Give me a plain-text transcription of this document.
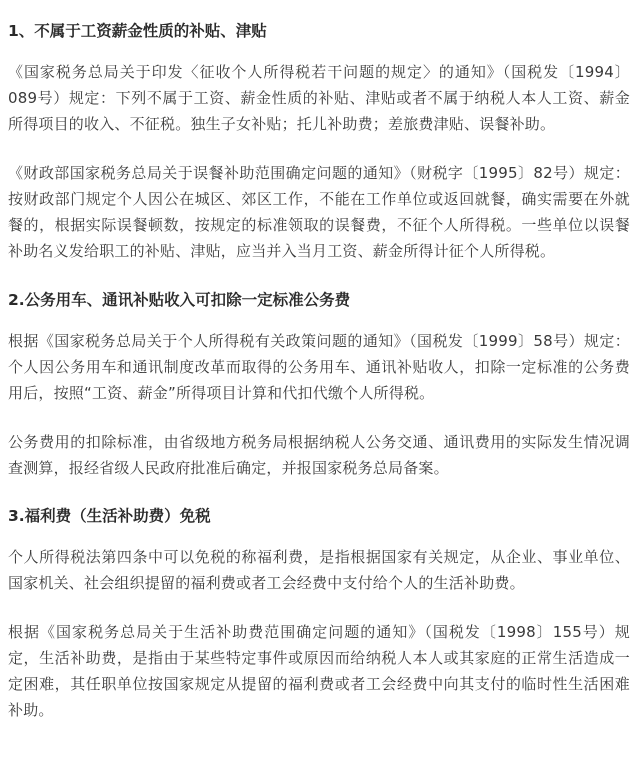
1、不属于工资薪金性质的补贴、津贴

《国家税务总局关于印发〈征收个人所得税若干问题的规定〉的通知》（国税发〔1994〕089号）规定：下列不属于工资、薪金性质的补贴、津贴或者不属于纳税人本人工资、薪金所得项目的收入、不征税。独生子女补贴；托儿补助费；差旅费津贴、误餐补助。

《财政部国家税务总局关于误餐补助范围确定问题的通知》（财税字〔1995〕82号）规定：按财政部门规定个人因公在城区、郊区工作，不能在工作单位或返回就餐，确实需要在外就餐的，根据实际误餐顿数，按规定的标准领取的误餐费，不征个人所得税。一些单位以误餐补助名义发给职工的补贴、津贴，应当并入当月工资、薪金所得计征个人所得税。

2.公务用车、通讯补贴收入可扣除一定标准公务费

根据《国家税务总局关于个人所得税有关政策问题的通知》（国税发〔1999〕58号）规定：个人因公务用车和通讯制度改革而取得的公务用车、通讯补贴收人，扣除一定标准的公务费用后，按照“工资、薪金”所得项目计算和代扣代缴个人所得税。

公务费用的扣除标准，由省级地方税务局根据纳税人公务交通、通讯费用的实际发生情况调查测算，报经省级人民政府批准后确定，并报国家税务总局备案。

3.福利费（生活补助费）免税

个人所得税法第四条中可以免税的称福利费，是指根据国家有关规定，从企业、事业单位、国家机关、社会组织提留的福利费或者工会经费中支付给个人的生活补助费。

根据《国家税务总局关于生活补助费范围确定问题的通知》（国税发〔1998〕155号）规定，生活补助费，是指由于某些特定事件或原因而给纳税人本人或其家庭的正常生活造成一定困难，其任职单位按国家规定从提留的福利费或者工会经费中向其支付的临时性生活困难补助。
